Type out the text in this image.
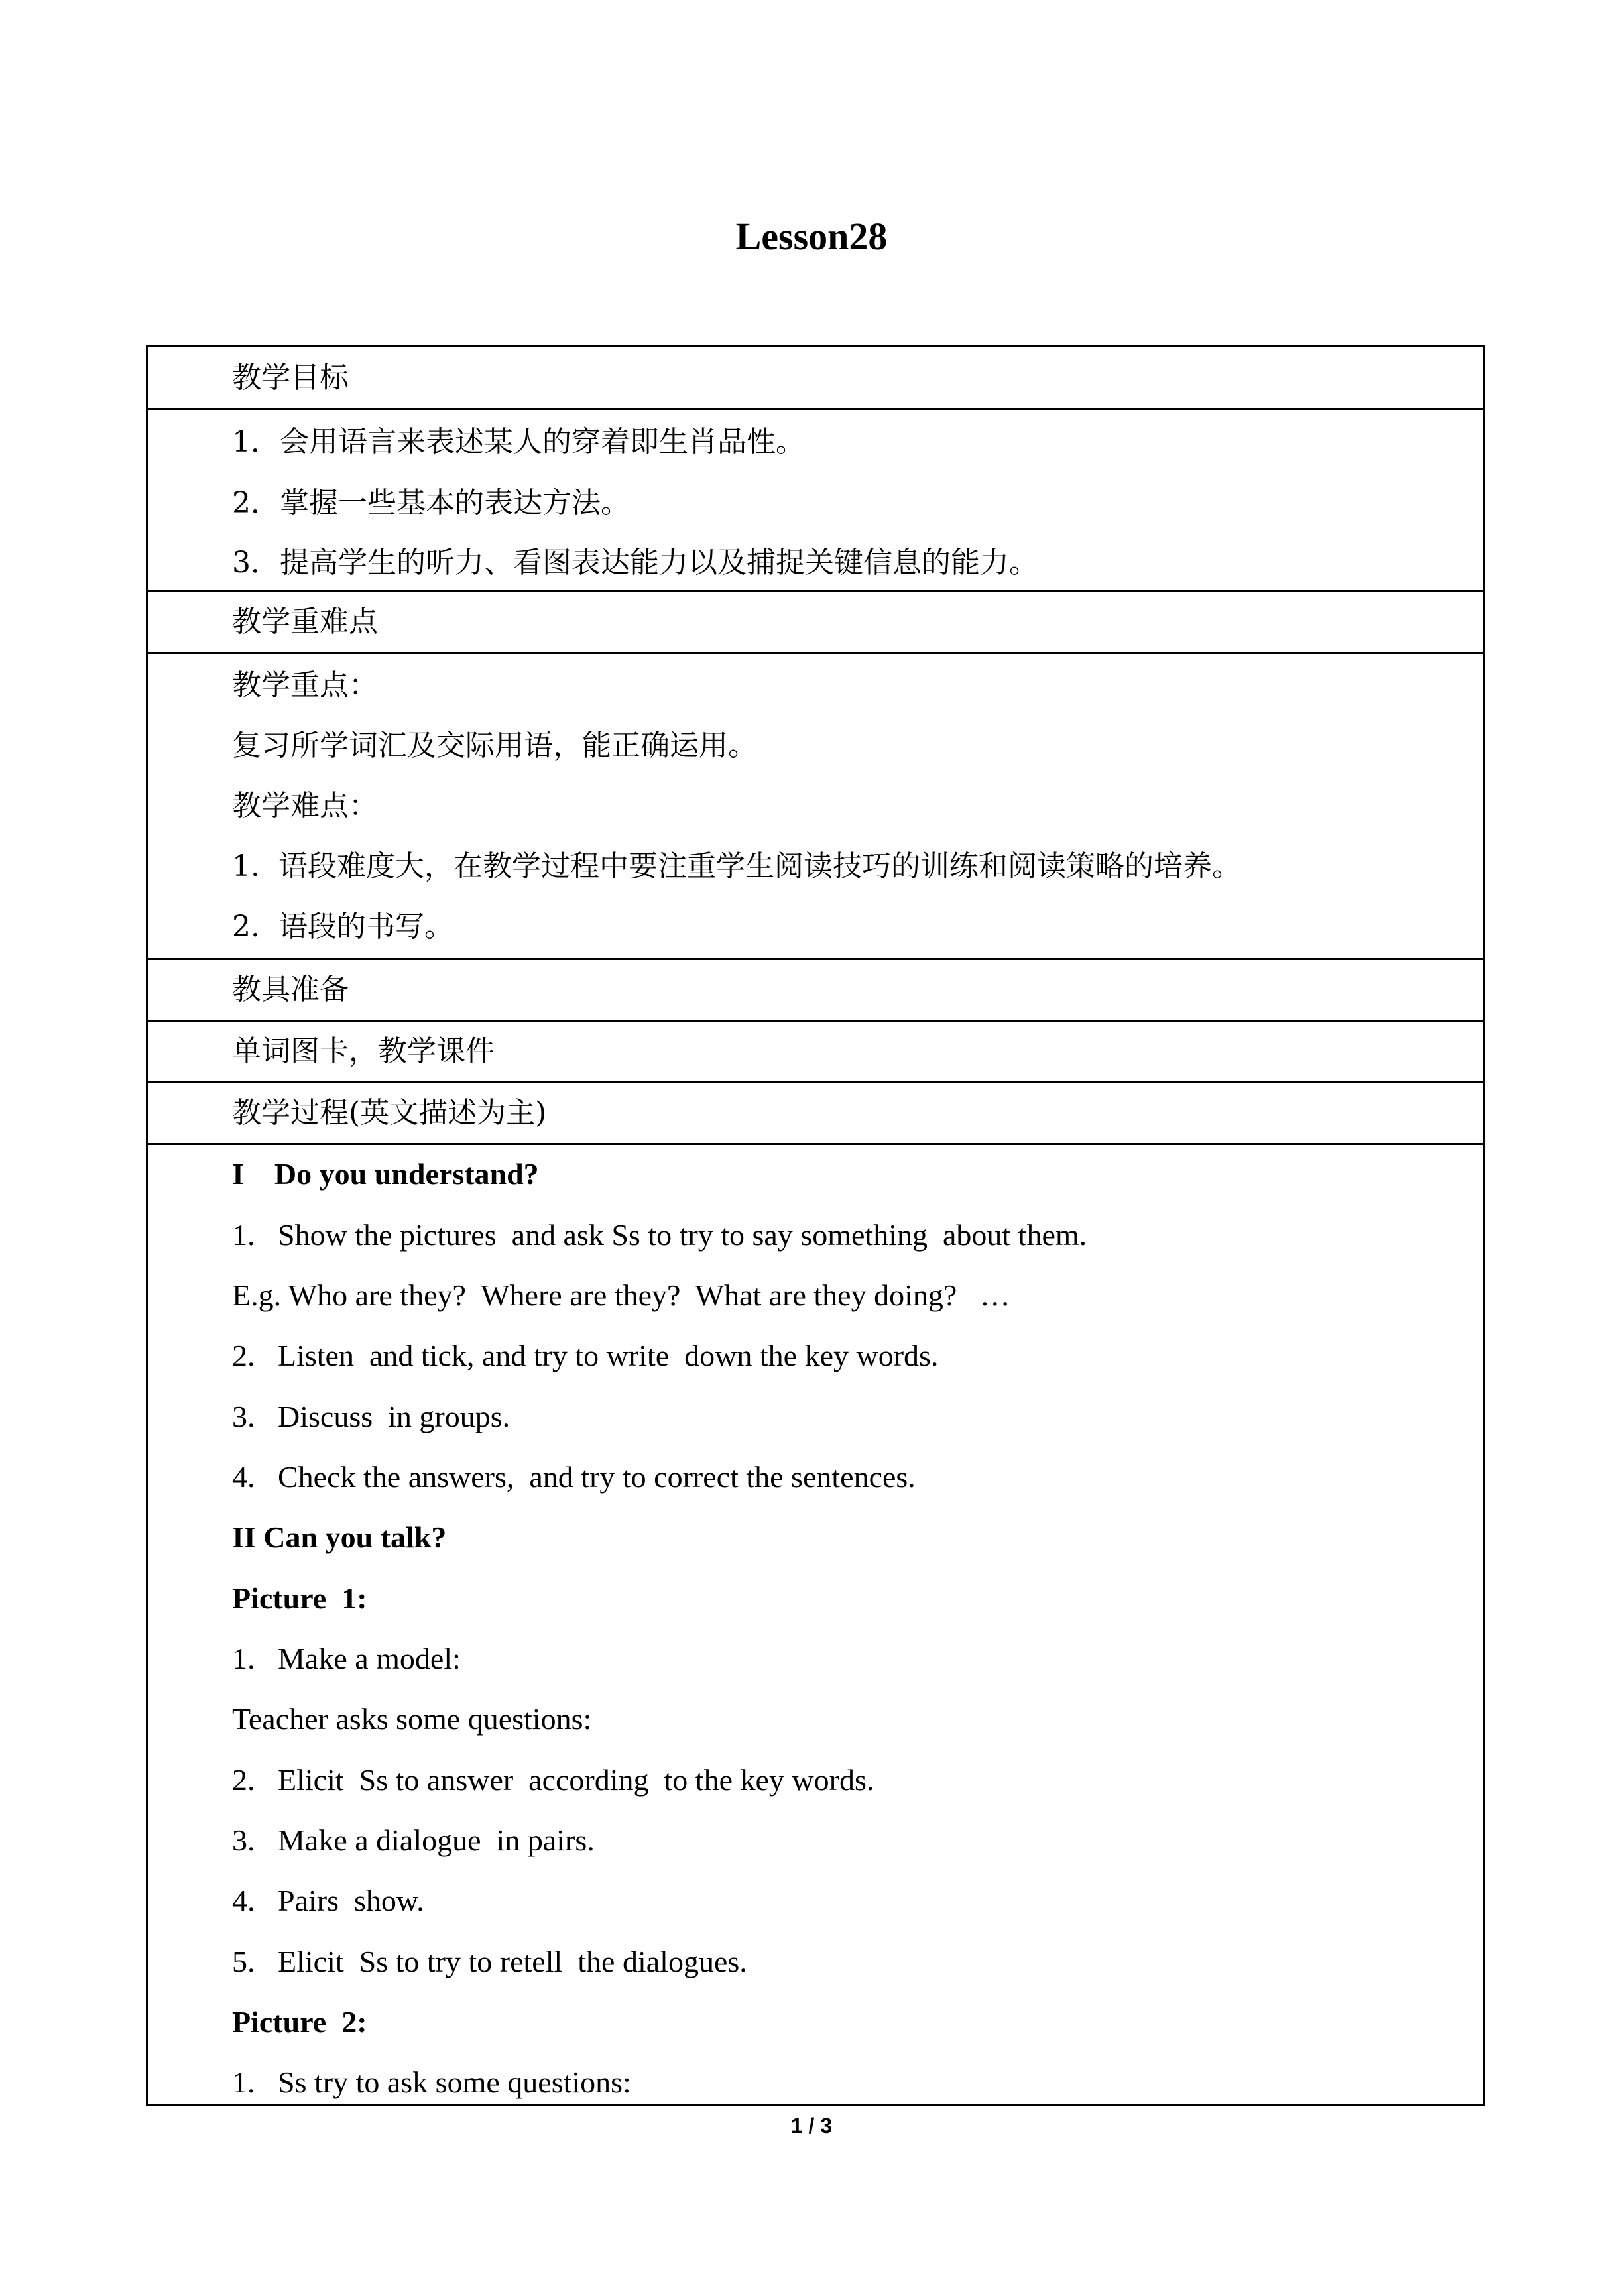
Lesson28
教学目标
1．会用语言来表述某人的穿着即生肖品性。
2．掌握一些基本的表达方法。
3．提高学生的听力、看图表达能力以及捕捉关键信息的能力。
教学重难点
教学重点：
复习所学词汇及交际用语，能正确运用。
教学难点：
1.  语段难度大，在教学过程中要注重学生阅读技巧的训练和阅读策略的培养。
2.  语段的书写。
教具准备
单词图卡，教学课件
教学过程(英文描述为主)
I    Do you understand?
1.   Show the pictures  and ask Ss to try to say something  about them.
E.g. Who are they?  Where are they?  What are they doing?   …
2.   Listen  and tick, and try to write  down the key words.
3.   Discuss  in groups.
4.   Check the answers,  and try to correct the sentences.
II Can you talk?
Picture  1:
1.   Make a model:
Teacher asks some questions:
2.   Elicit  Ss to answer  according  to the key words.
3.   Make a dialogue  in pairs.
4.   Pairs  show.
5.   Elicit  Ss to try to retell  the dialogues.
Picture  2:
1.   Ss try to ask some questions:
1 / 3
